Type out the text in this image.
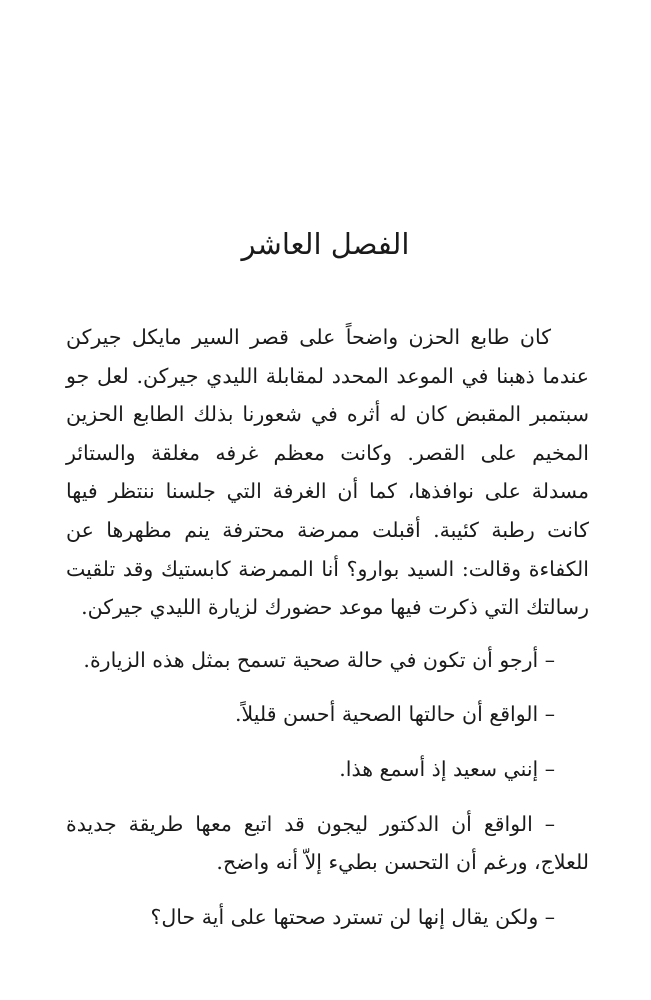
الفصل العاشر

كان طابع الحزن واضحاً على قصر السير مايكل جيركن عندما ذهبنا في الموعد المحدد لمقابلة الليدي جيركن. لعل جو سبتمبر المقبض كان له أثره في شعورنا بذلك الطابع الحزين المخيم على القصر. وكانت معظم غرفه مغلقة والستائر مسدلة على نوافذها، كما أن الغرفة التي جلسنا ننتظر فيها كانت رطبة كئيبة. أقبلت ممرضة محترفة ينم مظهرها عن الكفاءة وقالت: السيد بوارو؟ أنا الممرضة كابستيك وقد تلقيت رسالتك التي ذكرت فيها موعد حضورك لزيارة الليدي جيركن.

– أرجو أن تكون في حالة صحية تسمح بمثل هذه الزيارة.

– الواقع أن حالتها الصحية أحسن قليلاً.

– إنني سعيد إذ أسمع هذا.

– الواقع أن الدكتور ليجون قد اتبع معها طريقة جديدة للعلاج، ورغم أن التحسن بطيء إلاّ أنه واضح.

– ولكن يقال إنها لن تسترد صحتها على أية حال؟
